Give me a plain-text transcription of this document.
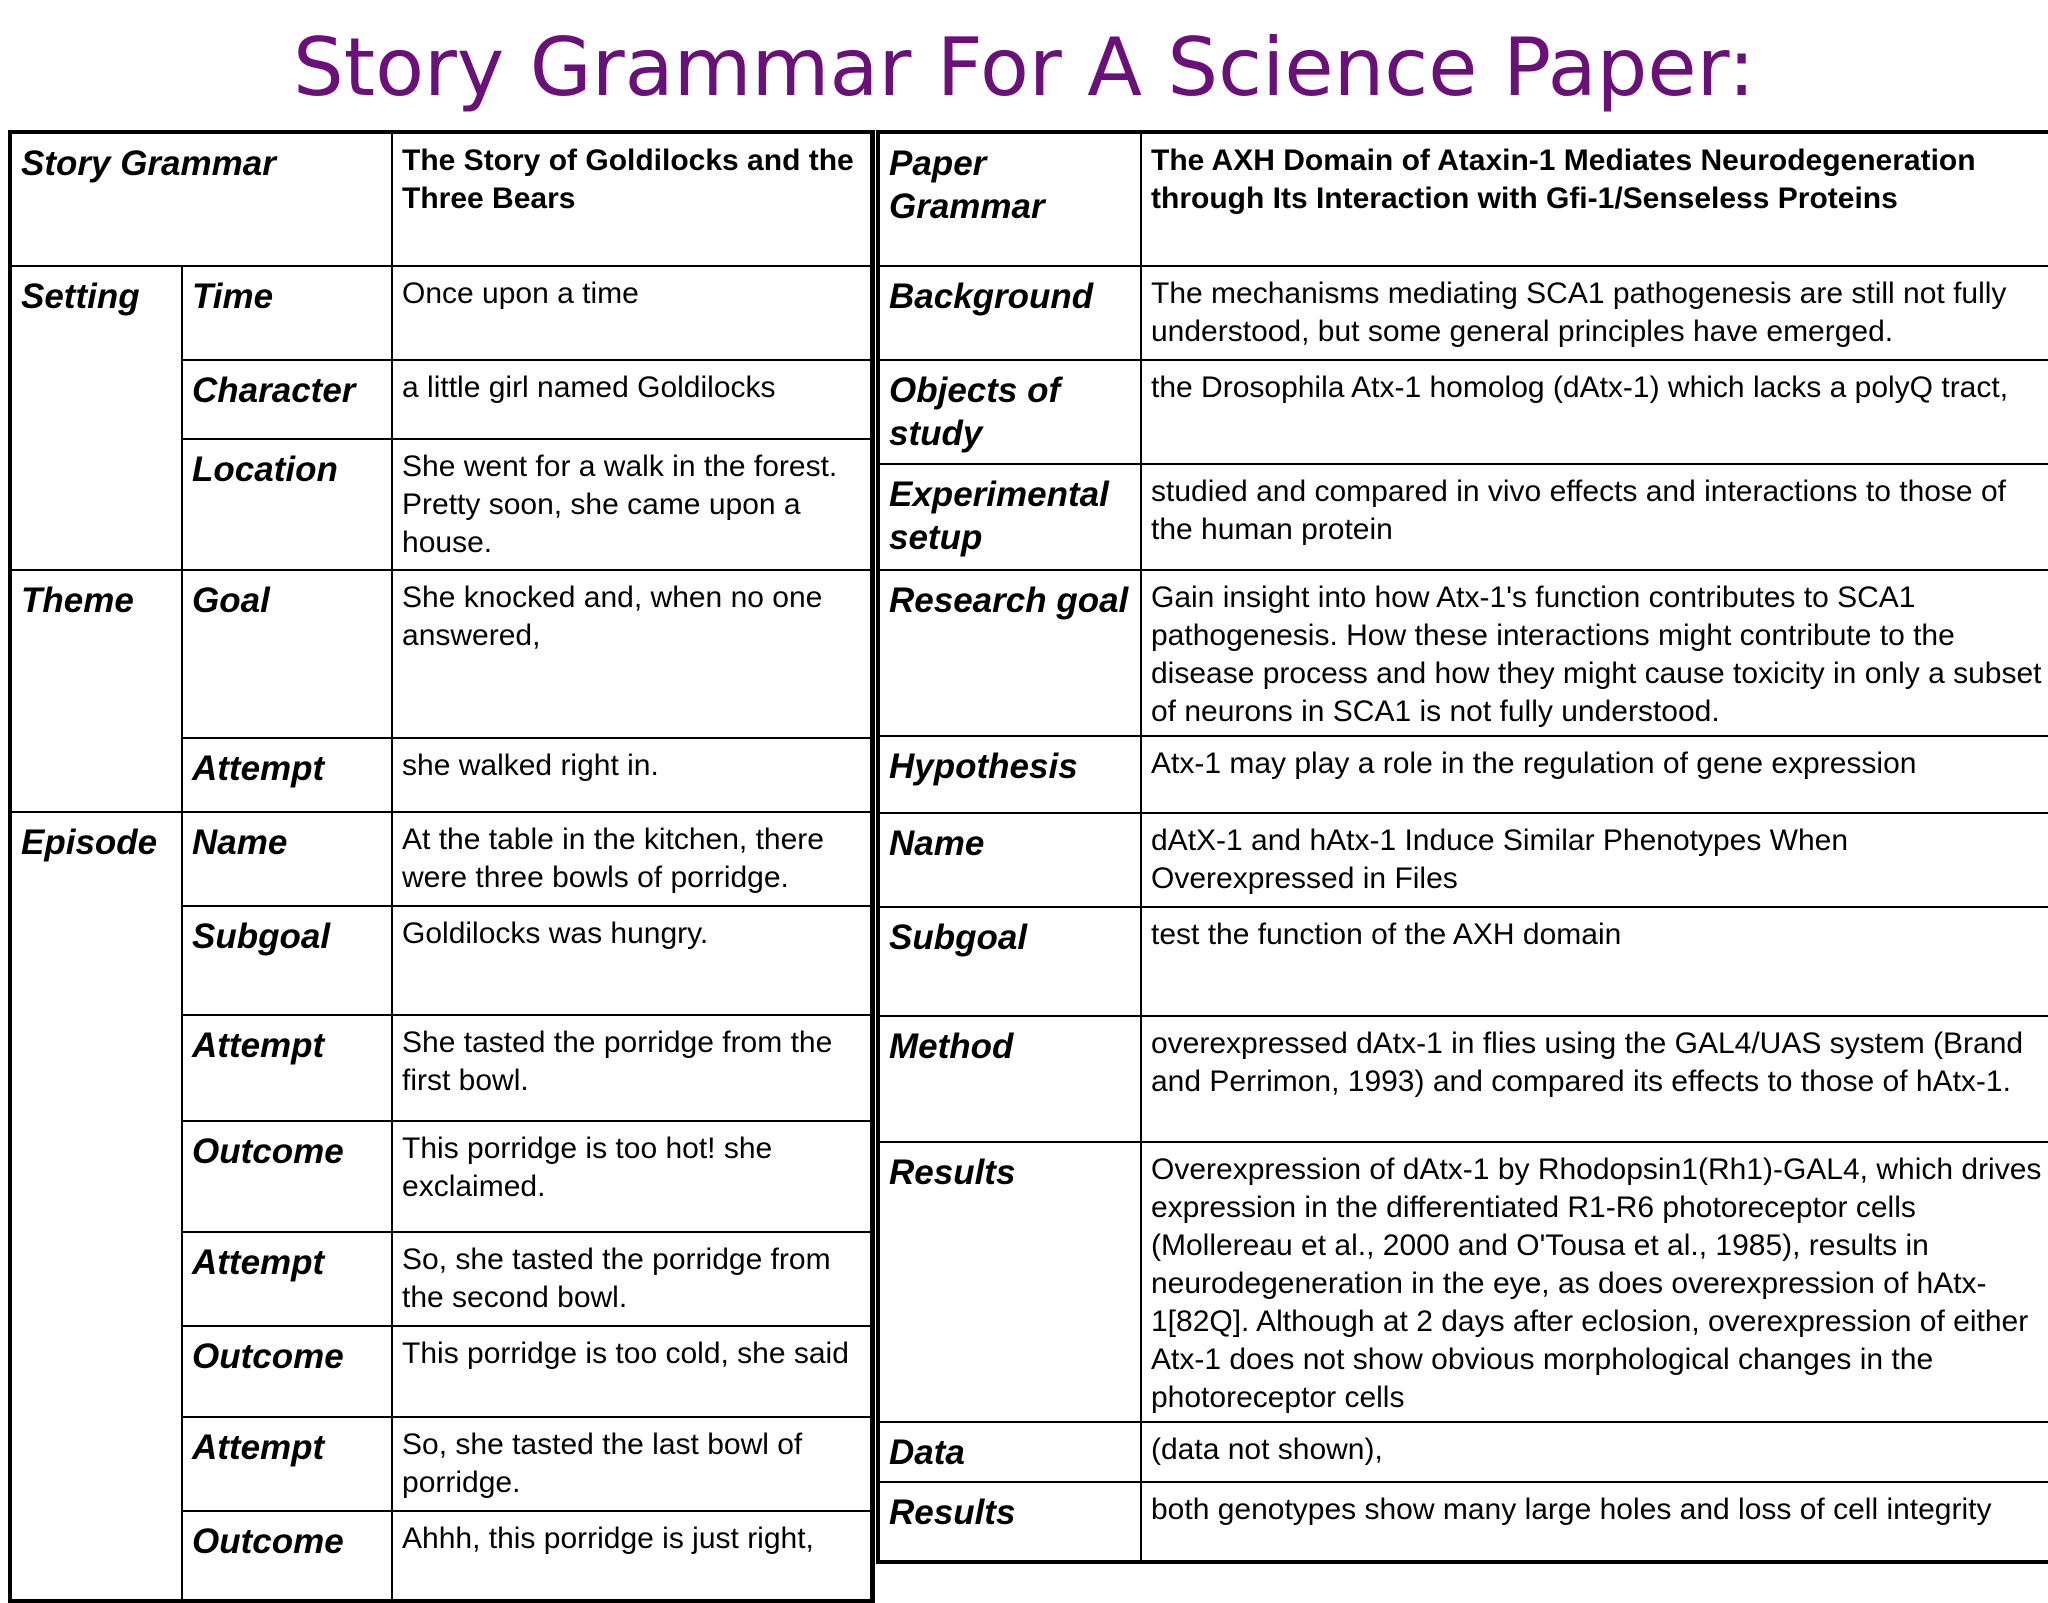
Story Grammar For A Science Paper:
Story Grammar		The Story of Goldilocks and the Three Bears
Setting	Time	Once upon a time
	Character	a little girl named Goldilocks
	Location	She went for a walk in the forest. Pretty soon, she came upon a house.
Theme	Goal	She knocked and, when no one answered,
	Attempt	she walked right in.
Episode	Name	At the table in the kitchen, there were three bowls of porridge.
	Subgoal	Goldilocks was hungry.
	Attempt	She tasted the porridge from the first bowl.
	Outcome	This porridge is too hot! she exclaimed.
	Attempt	So, she tasted the porridge from the second bowl.
	Outcome	This porridge is too cold, she said
	Attempt	So, she tasted the last bowl of porridge.
	Outcome	Ahhh, this porridge is just right,
Paper Grammar	The AXH Domain of Ataxin-1 Mediates Neurodegeneration through Its Interaction with Gfi-1/Senseless Proteins
Background	The mechanisms mediating SCA1 pathogenesis are still not fully understood, but some general principles have emerged.
Objects of study	the Drosophila Atx-1 homolog (dAtx-1) which lacks a polyQ tract,
Experimental setup	studied and compared in vivo effects and interactions to those of the human protein
Research goal	Gain insight into how Atx-1's function contributes to SCA1 pathogenesis. How these interactions might contribute to the disease process and how they might cause toxicity in only a subset of neurons in SCA1 is not fully understood.
Hypothesis	Atx-1 may play a role in the regulation of gene expression
Name	dAtX-1 and hAtx-1 Induce Similar Phenotypes When Overexpressed in Files
Subgoal	test the function of the AXH domain
Method	overexpressed dAtx-1 in flies using the GAL4/UAS system (Brand and Perrimon, 1993) and compared its effects to those of hAtx-1.
Results	Overexpression of dAtx-1 by Rhodopsin1(Rh1)-GAL4, which drives expression in the differentiated R1-R6 photoreceptor cells (Mollereau et al., 2000 and O'Tousa et al., 1985), results in neurodegeneration in the eye, as does overexpression of hAtx-1[82Q]. Although at 2 days after eclosion, overexpression of either Atx-1 does not show obvious morphological changes in the photoreceptor cells
Data	(data not shown),
Results	both genotypes show many large holes and loss of cell integrity
